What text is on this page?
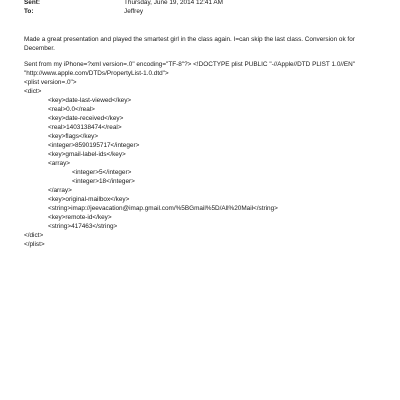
Sent:	Thursday, June 19, 2014 12:41 AM
To:	Jeffrey
Made a great presentation and played the smartest girl in the class again. I=can skip the last class. Conversion ok for December.
Sent from my iPhone=?xml version=.0" encoding="TF-8"?> <!DOCTYPE plist PUBLIC "-//Apple//DTD PLIST 1.0//EN"
"http://www.apple.com/DTDs/PropertyList-1.0.dtd">
<plist version=.0">
<dict>
<key>date-last-viewed</key>
<real>0.0</real>
<key>date-received</key>
<real>1403138474</real>
<key>flags</key>
<integer>8590195717</integer>
<key>gmail-label-ids</key>
<array>
<integer>5</integer>
<integer>18</integer>
</array>
<key>original-mailbox</key>
<string>imap://jeevacation@imap.gmail.com/%5BGmail%5D/All%20Mail</string>
<key>remote-id</key>
<string>417463</string>
</dict>
</plist>
